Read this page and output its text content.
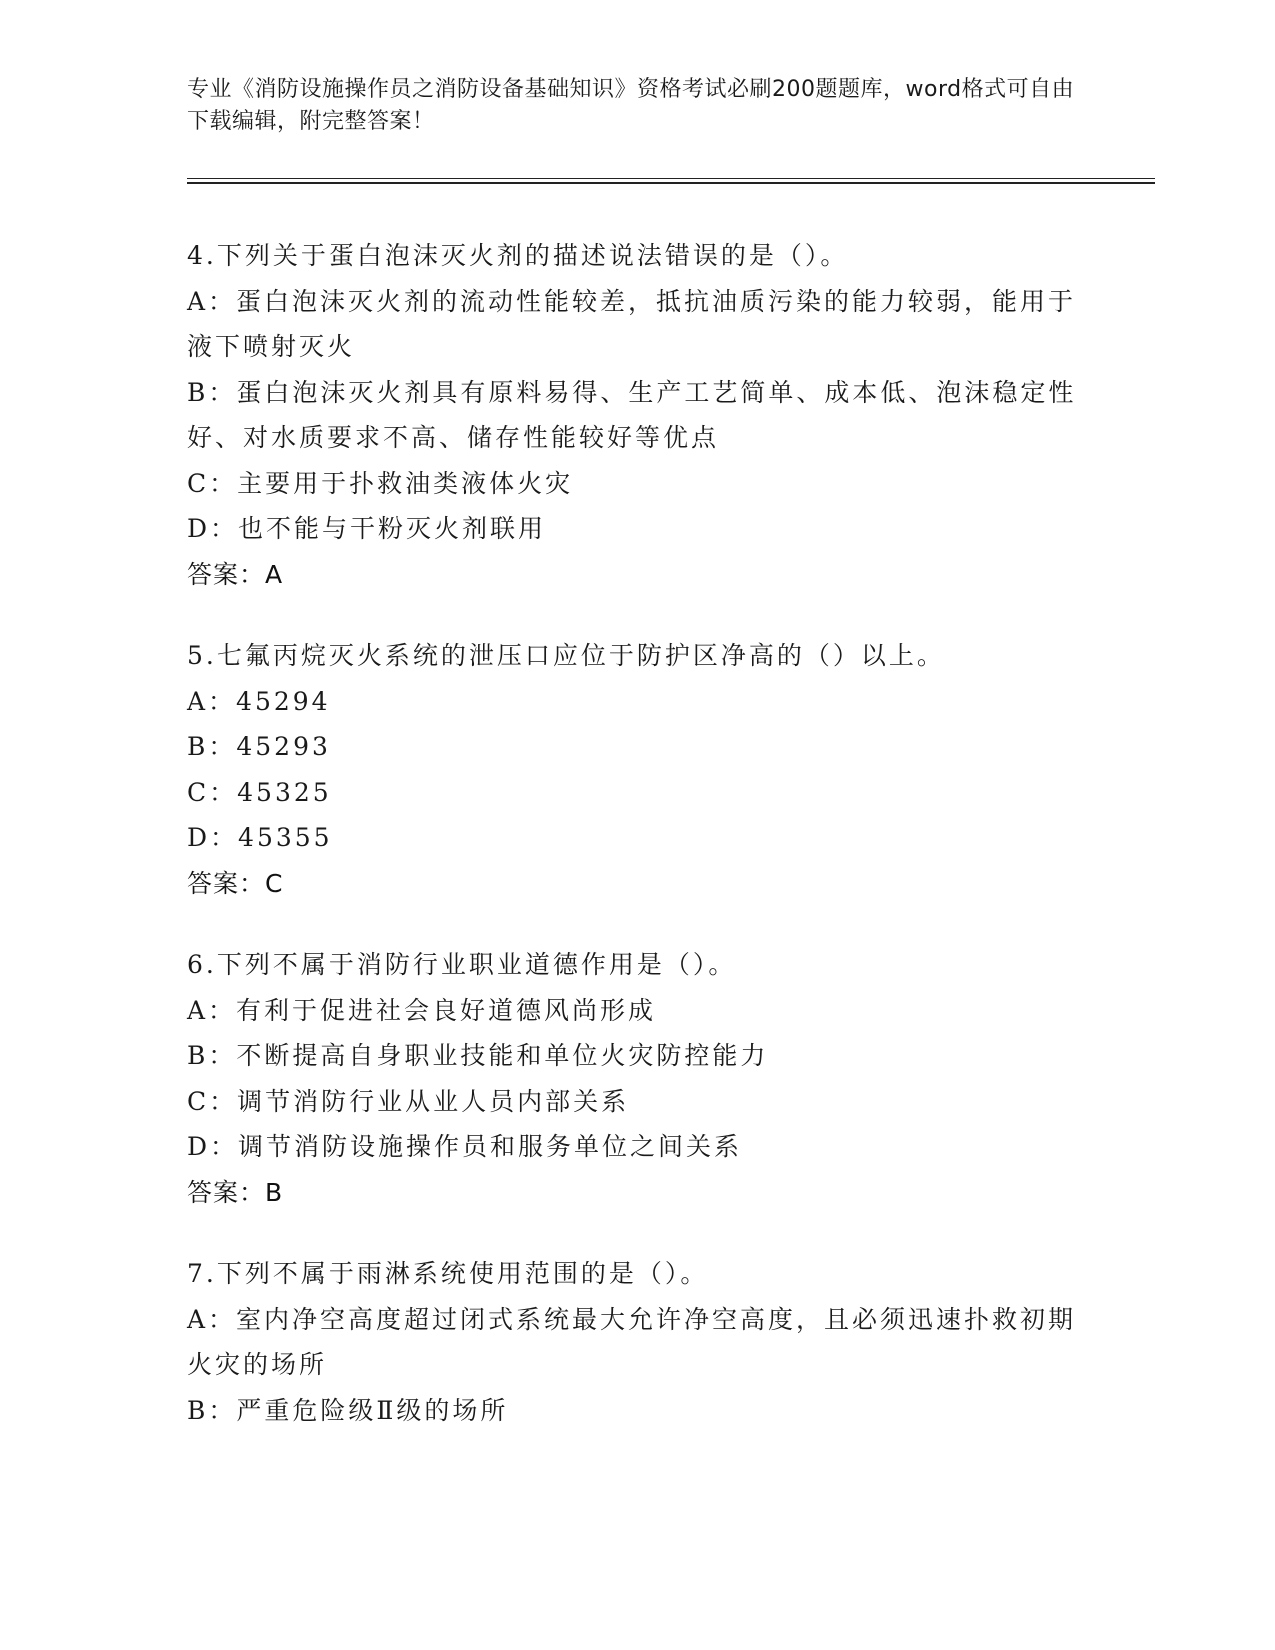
专业《消防设施操作员之消防设备基础知识》资格考试必刷200题题库，word格式可自由下载编辑，附完整答案！
4.下列关于蛋白泡沫灭火剂的描述说法错误的是（）。
A：蛋白泡沫灭火剂的流动性能较差，抵抗油质污染的能力较弱，能用于液下喷射灭火
B：蛋白泡沫灭火剂具有原料易得、生产工艺简单、成本低、泡沫稳定性好、对水质要求不高、储存性能较好等优点
C：主要用于扑救油类液体火灾
D：也不能与干粉灭火剂联用
答案：A
5.七氟丙烷灭火系统的泄压口应位于防护区净高的（）以上。
A：45294
B：45293
C：45325
D：45355
答案：C
6.下列不属于消防行业职业道德作用是（）。
A：有利于促进社会良好道德风尚形成
B：不断提高自身职业技能和单位火灾防控能力
C：调节消防行业从业人员内部关系
D：调节消防设施操作员和服务单位之间关系
答案：B
7.下列不属于雨淋系统使用范围的是（）。
A：室内净空高度超过闭式系统最大允许净空高度，且必须迅速扑救初期火灾的场所
B：严重危险级Ⅱ级的场所
